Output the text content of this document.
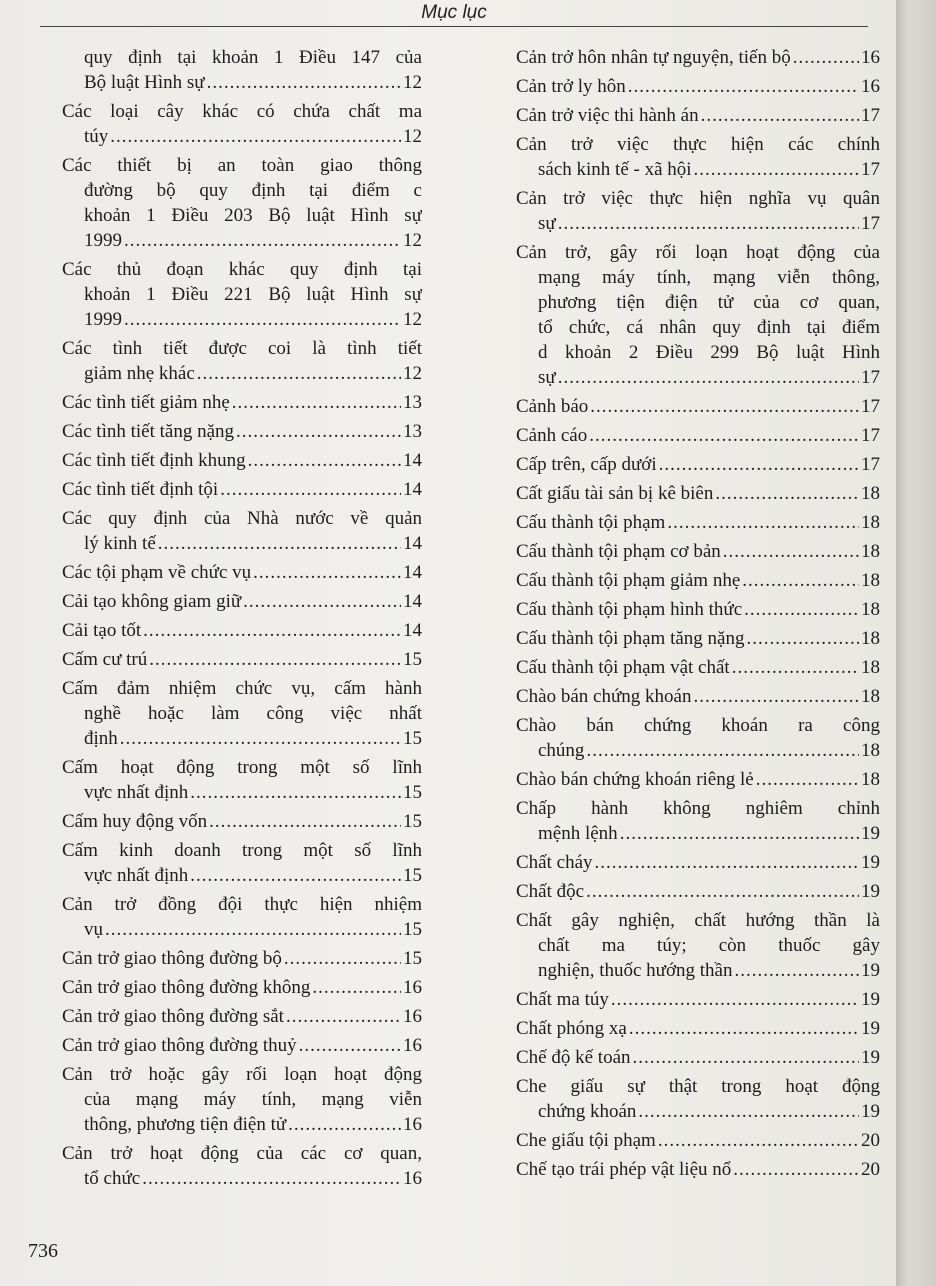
Mục lục
quy định tại khoản 1 Điều 147 của
Bộ luật Hình sự .....	12
Các loại cây khác có chứa chất ma
túy .....	12
Các thiết bị an toàn giao thông
đường bộ quy định tại điểm c
khoản 1 Điều 203 Bộ luật Hình sự
1999 .....	12
Các thủ đoạn khác quy định tại
khoản 1 Điều 221 Bộ luật Hình sự
1999 .....	12
Các tình tiết được coi là tình tiết
giảm nhẹ khác .....	12
Các tình tiết giảm nhẹ .....	13
Các tình tiết tăng nặng .....	13
Các tình tiết định khung .....	14
Các tình tiết định tội .....	14
Các quy định của Nhà nước về quản
lý kinh tế .....	14
Các tội phạm về chức vụ .....	14
Cải tạo không giam giữ .....	14
Cải tạo tốt .....	14
Cấm cư trú .....	15
Cấm đảm nhiệm chức vụ, cấm hành
nghề hoặc làm công việc nhất
định .....	15
Cấm hoạt động trong một số lĩnh
vực nhất định .....	15
Cấm huy động vốn .....	15
Cấm kinh doanh trong một số lĩnh
vực nhất định .....	15
Cản trở đồng đội thực hiện nhiệm
vụ .....	15
Cản trở giao thông đường bộ .....	15
Cản trở giao thông đường không .....	16
Cản trở giao thông đường sắt .....	16
Cản trở giao thông đường thuỷ .....	16
Cản trở hoặc gây rối loạn hoạt động
của mạng máy tính, mạng viễn
thông, phương tiện điện tử .....	16
Cản trở hoạt động của các cơ quan,
tổ chức .....	16
Cản trở hôn nhân tự nguyện, tiến bộ .....	16
Cản trở ly hôn .....	16
Cản trở việc thi hành án .....	17
Cản trở việc thực hiện các chính
sách kinh tế - xã hội .....	17
Cản trở việc thực hiện nghĩa vụ quân
sự .....	17
Cản trở, gây rối loạn hoạt động của
mạng máy tính, mạng viễn thông,
phương tiện điện tử của cơ quan,
tổ chức, cá nhân quy định tại điểm
d khoản 2 Điều 299 Bộ luật Hình
sự .....	17
Cảnh báo .....	17
Cảnh cáo .....	17
Cấp trên, cấp dưới .....	17
Cất giấu tài sản bị kê biên .....	18
Cấu thành tội phạm .....	18
Cấu thành tội phạm cơ bản .....	18
Cấu thành tội phạm giảm nhẹ .....	18
Cấu thành tội phạm hình thức .....	18
Cấu thành tội phạm tăng nặng .....	18
Cấu thành tội phạm vật chất .....	18
Chào bán chứng khoán .....	18
Chào bán chứng khoán ra công
chúng .....	18
Chào bán chứng khoán riêng lẻ .....	18
Chấp hành không nghiêm chỉnh
mệnh lệnh .....	19
Chất cháy .....	19
Chất độc .....	19
Chất gây nghiện, chất hướng thần là
chất ma túy; còn thuốc gây
nghiện, thuốc hướng thần .....	19
Chất ma túy .....	19
Chất phóng xạ .....	19
Chế độ kế toán .....	19
Che giấu sự thật trong hoạt động
chứng khoán .....	19
Che giấu tội phạm .....	20
Chế tạo trái phép vật liệu nổ .....	20
736
